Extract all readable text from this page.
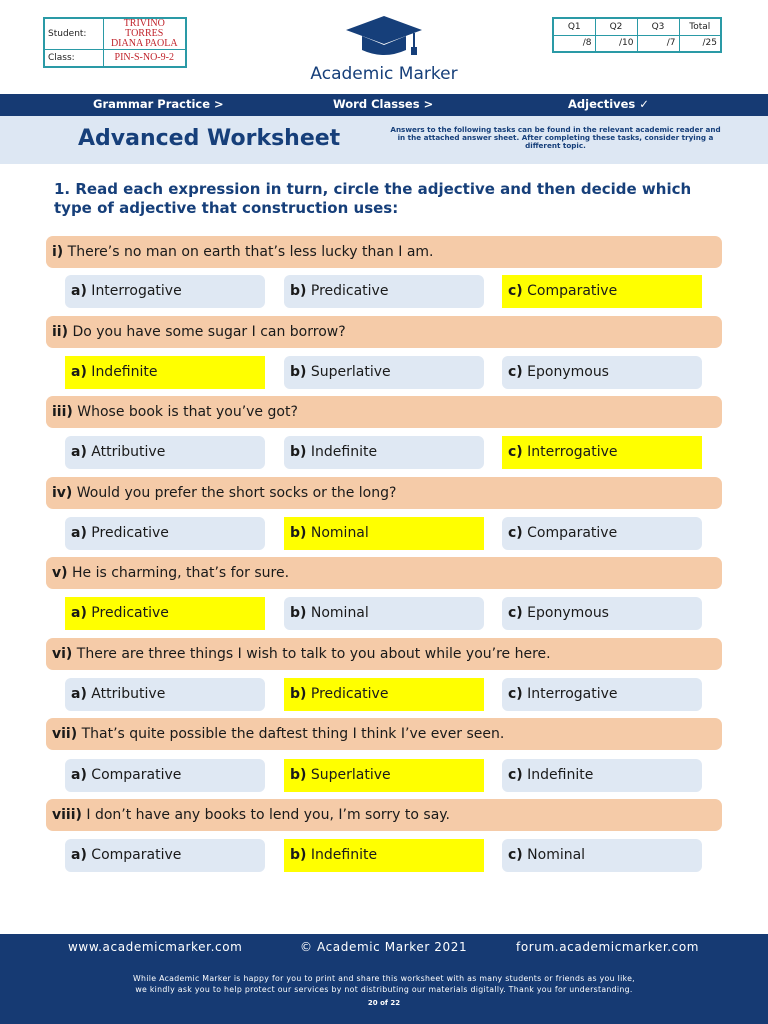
Student:	TRIVINO TORRES
DIANA PAOLA

Class:	PIN-S-NO-9-2
Academic Marker
Q1	Q2	Q3	Total
/8	/10	/7	/25
Grammar Practice >	Word Classes >	Adjectives ✓
Advanced Worksheet	Answers to the following tasks can be found in the relevant academic reader and in the attached answer sheet. After completing these tasks, consider trying a different topic.
1. Read each expression in turn, circle the adjective and then decide which type of adjective that construction uses:
i) There’s no man on earth that’s less lucky than I am.
a) Interrogative	b) Predicative	c) Comparative
ii) Do you have some sugar I can borrow?
a) Indefinite	b) Superlative	c) Eponymous
iii) Whose book is that you’ve got?
a) Attributive	b) Indefinite	c) Interrogative
iv) Would you prefer the short socks or the long?
a) Predicative	b) Nominal	c) Comparative
v) He is charming, that’s for sure.
a) Predicative	b) Nominal	c) Eponymous
vi) There are three things I wish to talk to you about while you’re here.
a) Attributive	b) Predicative	c) Interrogative
vii) That’s quite possible the daftest thing I think I’ve ever seen.
a) Comparative	b) Superlative	c) Indefinite
viii) I don’t have any books to lend you, I’m sorry to say.
a) Comparative	b) Indefinite	c) Nominal
www.academicmarker.com	© Academic Marker 2021	forum.academicmarker.com
While Academic Marker is happy for you to print and share this worksheet with as many students or friends as you like,
we kindly ask you to help protect our services by not distributing our materials digitally. Thank you for understanding.
20 of 22
